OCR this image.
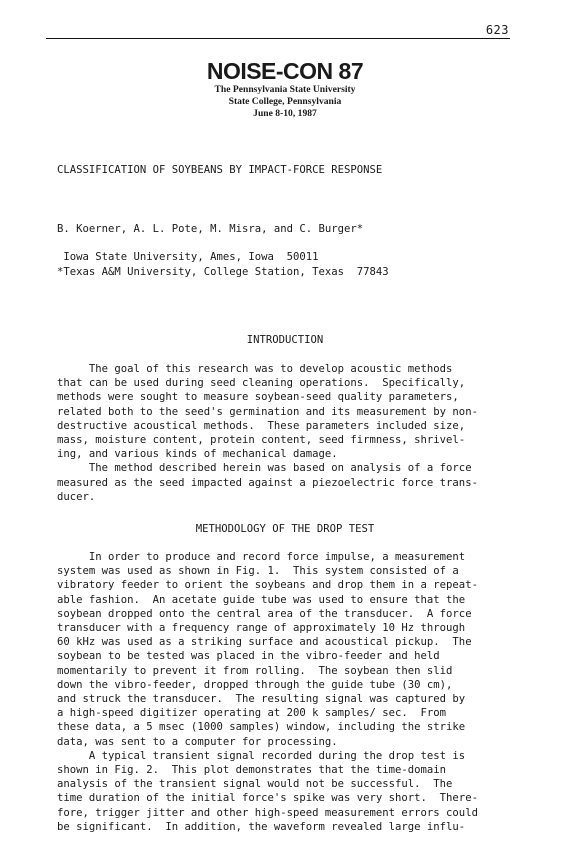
623
NOISE-CON 87
The Pennsylvania State University
State College, Pennsylvania
June 8-10, 1987
CLASSIFICATION OF SOYBEANS BY IMPACT-FORCE RESPONSE
B. Koerner, A. L. Pote, M. Misra, and C. Burger*
Iowa State University, Ames, Iowa  50011
*Texas A&M University, College Station, Texas  77843
INTRODUCTION
The goal of this research was to develop acoustic methods
that can be used during seed cleaning operations.  Specifically,
methods were sought to measure soybean-seed quality parameters,
related both to the seed's germination and its measurement by non-
destructive acoustical methods.  These parameters included size,
mass, moisture content, protein content, seed firmness, shrivel-
ing, and various kinds of mechanical damage.
The method described herein was based on analysis of a force
measured as the seed impacted against a piezoelectric force trans-
ducer.
METHODOLOGY OF THE DROP TEST
In order to produce and record force impulse, a measurement
system was used as shown in Fig. 1.  This system consisted of a
vibratory feeder to orient the soybeans and drop them in a repeat-
able fashion.  An acetate guide tube was used to ensure that the
soybean dropped onto the central area of the transducer.  A force
transducer with a frequency range of approximately 10 Hz through
60 kHz was used as a striking surface and acoustical pickup.  The
soybean to be tested was placed in the vibro-feeder and held
momentarily to prevent it from rolling.  The soybean then slid
down the vibro-feeder, dropped through the guide tube (30 cm),
and struck the transducer.  The resulting signal was captured by
a high-speed digitizer operating at 200 k samples/ sec.  From
these data, a 5 msec (1000 samples) window, including the strike
data, was sent to a computer for processing.
A typical transient signal recorded during the drop test is
shown in Fig. 2.  This plot demonstrates that the time-domain
analysis of the transient signal would not be successful.  The
time duration of the initial force's spike was very short.  There-
fore, trigger jitter and other high-speed measurement errors could
be significant.  In addition, the waveform revealed large influ-
